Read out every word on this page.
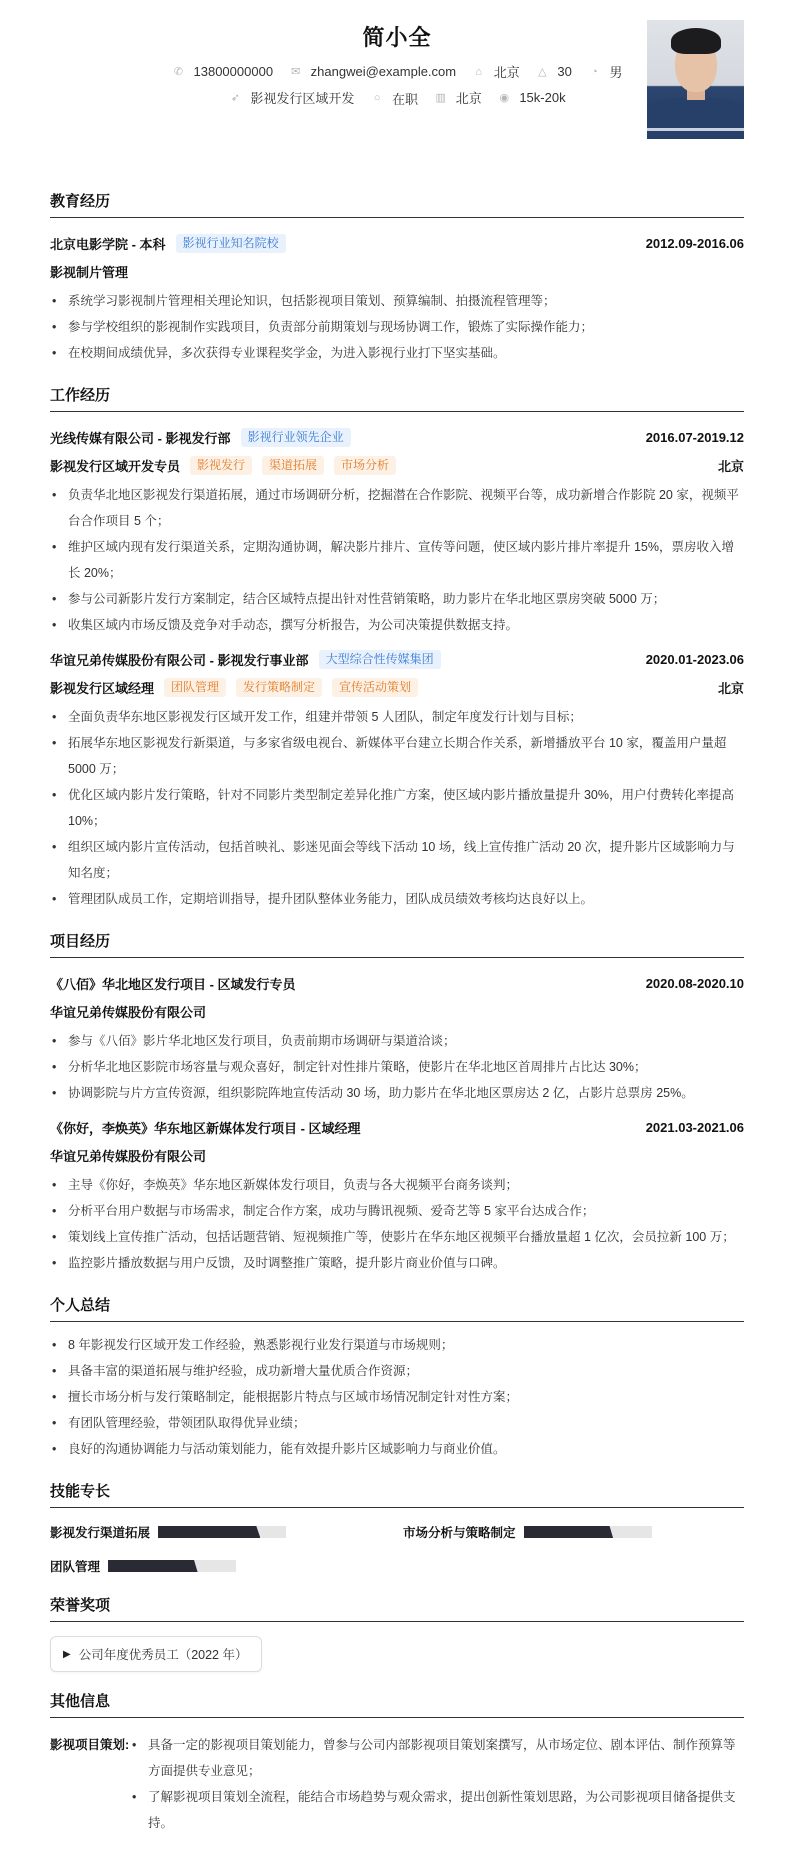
简小全
✆ 13800000000
✉ zhangwei@example.com
	⌂ 北京
△ 30
	◔ 男
➶ 影视发行区域开发
	○ 在职
▥ 北京
◉ 15k-20k
教育经历
北京电影学院 - 本科	影视行业知名院校	2012.09-2016.06
影视制片管理
• 系统学习影视制片管理相关理论知识，包括影视项目策划、预算编制、拍摄流程管理等；
• 参与学校组织的影视制作实践项目，负责部分前期策划与现场协调工作，锻炼了实际操作能力；
• 在校期间成绩优异，多次获得专业课程奖学金，为进入影视行业打下坚实基础。
工作经历
光线传媒有限公司 - 影视发行部	影视行业领先企业	2016.07-2019.12
影视发行区域开发专员	影视发行	渠道拓展	市场分析	北京
• 负责华北地区影视发行渠道拓展，通过市场调研分析，挖掘潜在合作影院、视频平台等，成功新增合作影院 20 家，视频平台合作项目 5 个；
• 维护区域内现有发行渠道关系，定期沟通协调，解决影片排片、宣传等问题，使区域内影片排片率提升 15%，票房收入增长 20%；
• 参与公司新影片发行方案制定，结合区域特点提出针对性营销策略，助力影片在华北地区票房突破 5000 万；
• 收集区域内市场反馈及竞争对手动态，撰写分析报告，为公司决策提供数据支持。
华谊兄弟传媒股份有限公司 - 影视发行事业部	大型综合性传媒集团	2020.01-2023.06
影视发行区域经理	团队管理	发行策略制定	宣传活动策划	北京
• 全面负责华东地区影视发行区域开发工作，组建并带领 5 人团队，制定年度发行计划与目标；
• 拓展华东地区影视发行新渠道，与多家省级电视台、新媒体平台建立长期合作关系，新增播放平台 10 家，覆盖用户量超 5000 万；
• 优化区域内影片发行策略，针对不同影片类型制定差异化推广方案，使区域内影片播放量提升 30%，用户付费转化率提高 10%；
• 组织区域内影片宣传活动，包括首映礼、影迷见面会等线下活动 10 场，线上宣传推广活动 20 次，提升影片区域影响力与知名度；
• 管理团队成员工作，定期培训指导，提升团队整体业务能力，团队成员绩效考核均达良好以上。
项目经历
《八佰》华北地区发行项目 - 区域发行专员	2020.08-2020.10
华谊兄弟传媒股份有限公司
• 参与《八佰》影片华北地区发行项目，负责前期市场调研与渠道洽谈；
• 分析华北地区影院市场容量与观众喜好，制定针对性排片策略，使影片在华北地区首周排片占比达 30%；
• 协调影院与片方宣传资源，组织影院阵地宣传活动 30 场，助力影片在华北地区票房达 2 亿，占影片总票房 25%。
《你好，李焕英》华东地区新媒体发行项目 - 区域经理	2021.03-2021.06
华谊兄弟传媒股份有限公司
• 主导《你好，李焕英》华东地区新媒体发行项目，负责与各大视频平台商务谈判；
• 分析平台用户数据与市场需求，制定合作方案，成功与腾讯视频、爱奇艺等 5 家平台达成合作；
• 策划线上宣传推广活动，包括话题营销、短视频推广等，使影片在华东地区视频平台播放量超 1 亿次，会员拉新 100 万；
• 监控影片播放数据与用户反馈，及时调整推广策略，提升影片商业价值与口碑。
个人总结
• 8 年影视发行区域开发工作经验，熟悉影视行业发行渠道与市场规则；
• 具备丰富的渠道拓展与维护经验，成功新增大量优质合作资源；
• 擅长市场分析与发行策略制定，能根据影片特点与区域市场情况制定针对性方案；
• 有团队管理经验，带领团队取得优异业绩；
• 良好的沟通协调能力与活动策划能力，能有效提升影片区域影响力与商业价值。
技能专长
影视发行渠道拓展	市场分析与策略制定
团队管理
荣誉奖项
▶ 公司年度优秀员工（2022 年）
其他信息
影视项目策划:	• 具备一定的影视项目策划能力，曾参与公司内部影视项目策划案撰写，从市场定位、剧本评估、制作预算等方面提供专业意见；
• 了解影视项目策划全流程，能结合市场趋势与观众需求，提出创新性策划思路，为公司影视项目储备提供支持。
